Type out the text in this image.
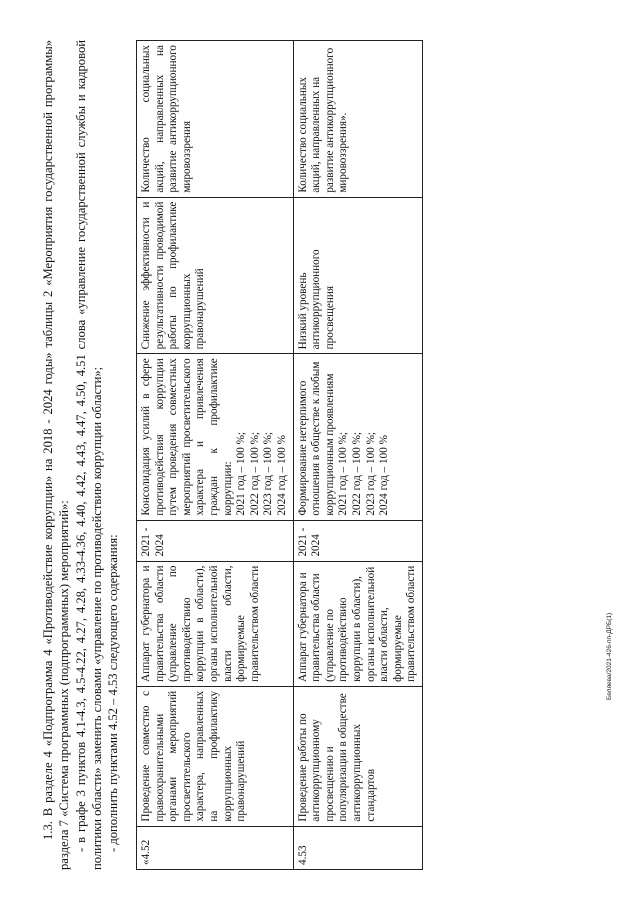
1.3. В разделе 4 «Подпрограмма 4 «Противодействие коррупции» на 2018 - 2024 годы» таблицы 2 «Мероприятия государственной программы» раздела 7 «Система программных (подпрограммных) мероприятий»: - в графе 3 пунктов 4.1-4.3, 4.5-4.22, 4.27, 4.28, 4.33-4.36, 4.40, 4.42, 4.43, 4.47, 4.50, 4.51 слова «управление государственной службы и кадровой политики области» заменить словами «управление по противодействию коррупции области»; - дополнить пунктами 4.52 – 4.53 следующего содержания:

«4.52	Проведение совместно с правоохранительными органами мероприятий просветительского характера, направленных на профилактику коррупционных правонарушений	Аппарат губернатора и правительства области (управление по противодействию коррупции в области), органы исполнительной власти области, формируемые правительством области	2021 - 2024	Консолидация усилий в сфере противодействия коррупции путем проведения совместных мероприятий просветительского характера и привлечения граждан к профилактике коррупции: 2021 год – 100 %; 2022 год – 100 %; 2023 год – 100 %; 2024 год – 100 %	Снижение эффективности и результативности проводимой работы по профилактике коррупционных правонарушений	Количество социальных акций, направленных на развитие антикоррупционного мировоззрения
4.53	Проведение работы по антикоррупционному просвещению и популяризации в обществе антикоррупционных стандартов	Аппарат губернатора и правительства области (управление по противодействию коррупции в области), органы исполнительной власти области, формируемые правительством области	2021 - 2024	Формирование нетерпимого отношения в обществе к любым коррупционным проявлениям 2021 год – 100 %; 2022 год – 100 %; 2023 год – 100 %; 2024 год – 100 %	Низкий уровень антикоррупционного просвещения	Количество социальных акций, направленных на развитие антикоррупционного мировоззрения».
Беляева/2021-426-пп-ДРБ(1)
